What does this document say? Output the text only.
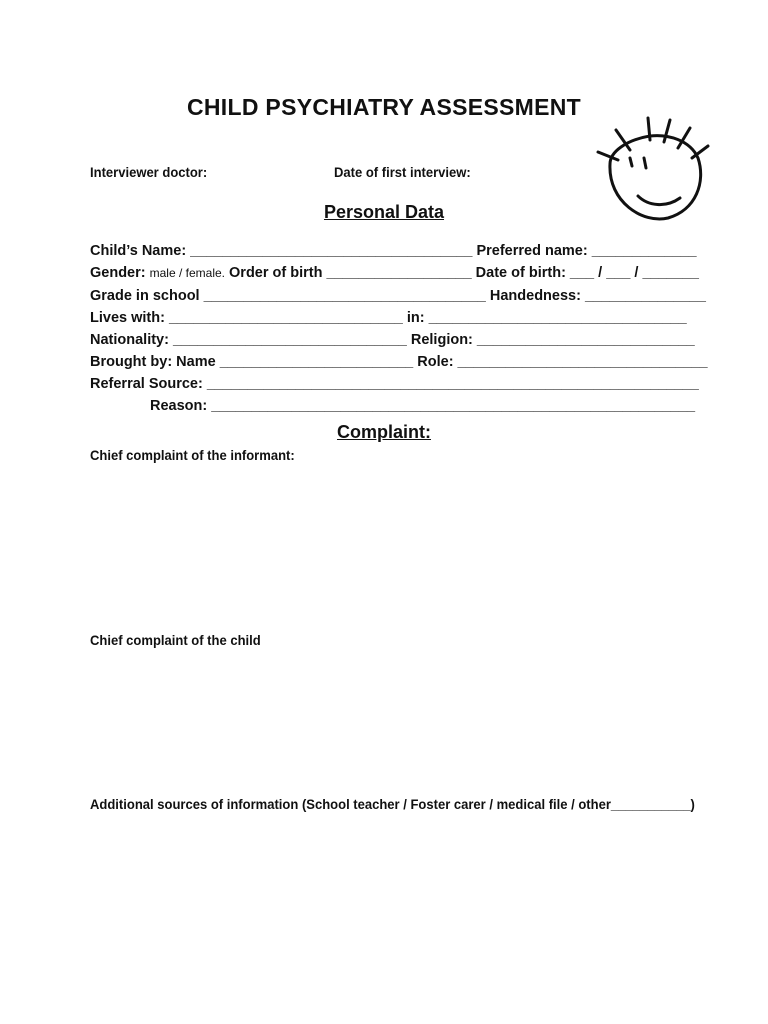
CHILD PSYCHIATRY ASSESSMENT
Interviewer doctor:	Date of first interview:
Personal Data
Child’s Name: ___________________________________ Preferred name: _____________
Gender: male / female. Order of birth __________________ Date of birth: ___ / ___ / _______
Grade in school ___________________________________ Handedness: _______________
Lives with: _____________________________ in: ________________________________
Nationality: _____________________________ Religion: ___________________________
Brought by: Name ________________________ Role: _______________________________
Referral Source: _____________________________________________________________
Reason: ____________________________________________________________
Complaint:
Chief complaint of the informant:
Chief complaint of the child
Additional sources of information (School teacher / Foster carer / medical file / other___________)
